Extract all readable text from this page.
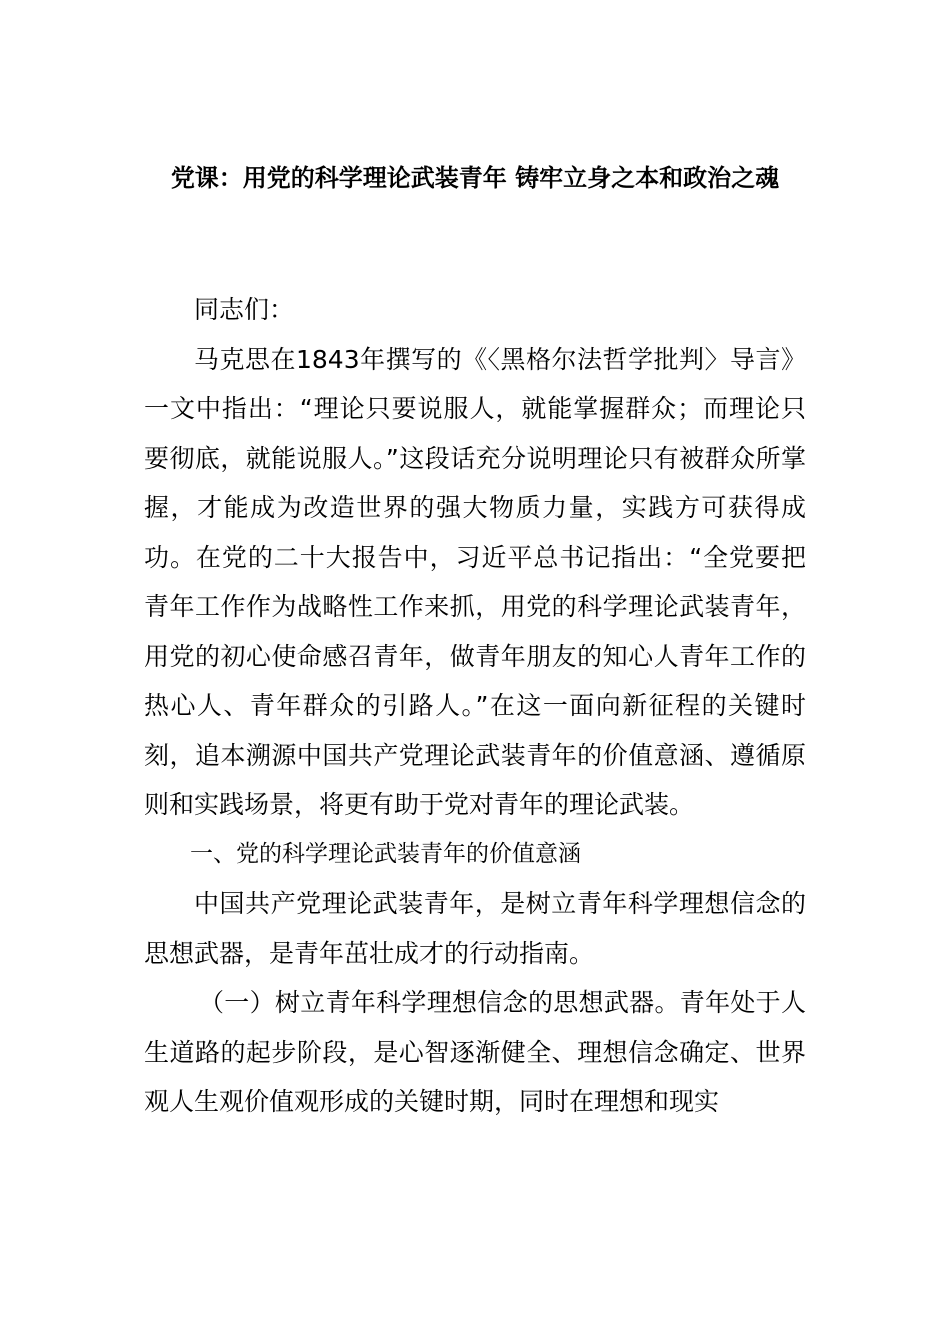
党课：用党的科学理论武装青年 铸牢立身之本和政治之魂

同志们：

马克思在1843年撰写的《〈黑格尔法哲学批判〉导言》一文中指出：“理论只要说服人，就能掌握群众；而理论只要彻底，就能说服人。”这段话充分说明理论只有被群众所掌握，才能成为改造世界的强大物质力量，实践方可获得成功。在党的二十大报告中，习近平总书记指出：“全党要把青年工作作为战略性工作来抓，用党的科学理论武装青年，用党的初心使命感召青年，做青年朋友的知心人青年工作的热心人、青年群众的引路人。”在这一面向新征程的关键时刻，追本溯源中国共产党理论武装青年的价值意涵、遵循原则和实践场景，将更有助于党对青年的理论武装。

一、党的科学理论武装青年的价值意涵

中国共产党理论武装青年，是树立青年科学理想信念的思想武器，是青年茁壮成才的行动指南。

（一）树立青年科学理想信念的思想武器。青年处于人生道路的起步阶段，是心智逐渐健全、理想信念确定、世界观人生观价值观形成的关键时期，同时在理想和现实
